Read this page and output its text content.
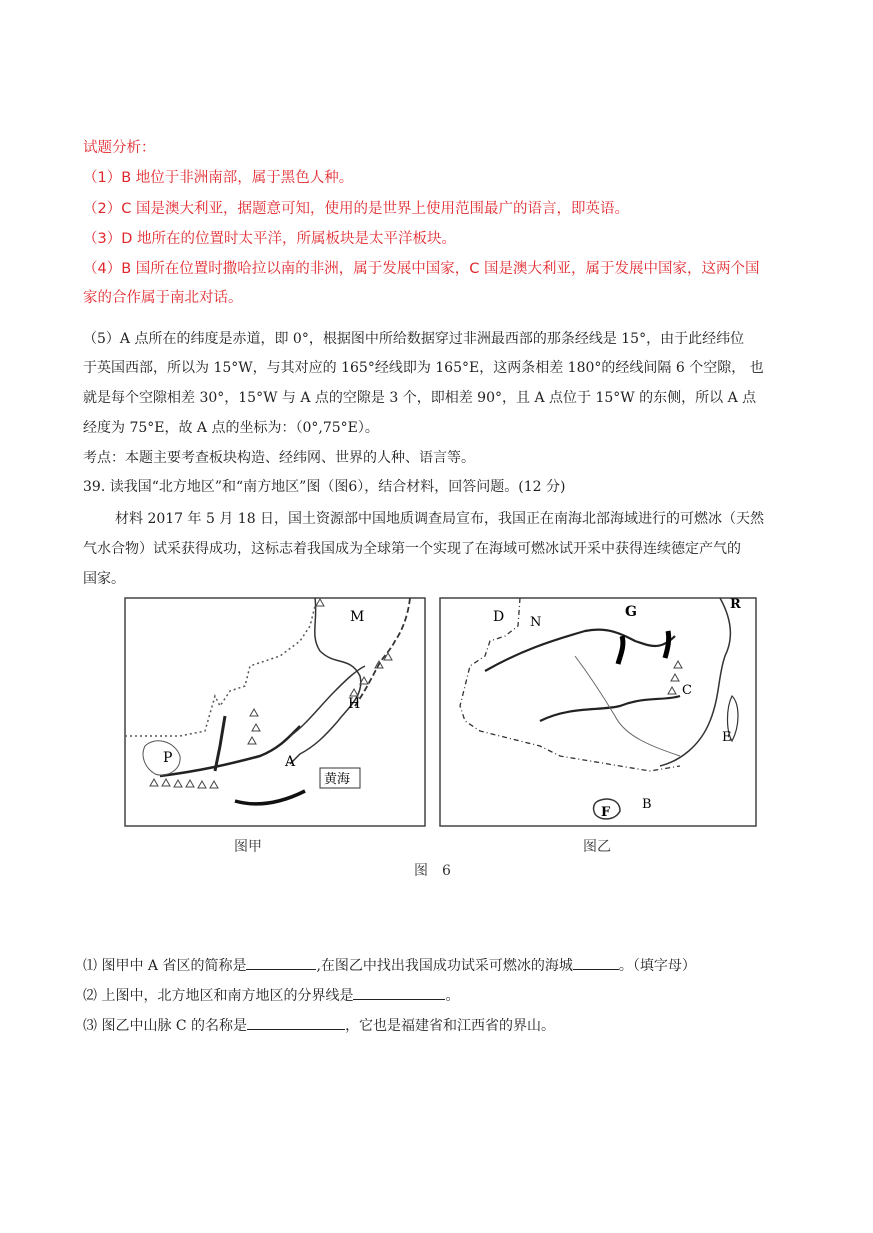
试题分析：
（1）B 地位于非洲南部，属于黑色人种。
（2）C 国是澳大利亚，据题意可知，使用的是世界上使用范围最广的语言，即英语。
（3）D 地所在的位置时太平洋，所属板块是太平洋板块。
（4）B 国所在位置时撒哈拉以南的非洲，属于发展中国家，C 国是澳大利亚，属于发展中国家，这两个国
家的合作属于南北对话。
（5）A 点所在的纬度是赤道，即 0°，根据图中所给数据穿过非洲最西部的那条经线是 15°，由于此经纬位
于英国西部，所以为 15°W，与其对应的 165°经线即为 165°E，这两条相差 180°的经线间隔 6 个空隙， 也
就是每个空隙相差 30°，15°W 与 A 点的空隙是 3 个，即相差 90°，且 A 点位于 15°W 的东侧，所以 A 点
经度为 75°E，故 A 点的坐标为：（0°,75°E）。
考点：本题主要考查板块构造、经纬网、世界的人种、语言等。
39. 读我国“北方地区”和“南方地区”图（图6），结合材料，回答问题。(12 分)
材料 2017 年 5 月 18 日，国土资源部中国地质调查局宣布，我国正在南海北部海域进行的可燃冰（天然
气水合物）试采获得成功，这标志着我国成为全球第一个实现了在海域可燃冰试开采中获得连续德定产气的
国家。
M
H
P	A
黄海
D N
G	R
C
E
F
B
图甲	图乙
图　6
⑴ 图甲中 A 省区的简称是	,在图乙中找出我国成功试采可燃冰的海城	。（填字母）
⑵ 上图中，北方地区和南方地区的分界线是	。
⑶ 图乙中山脉 C 的名称是	，它也是福建省和江西省的界山。
